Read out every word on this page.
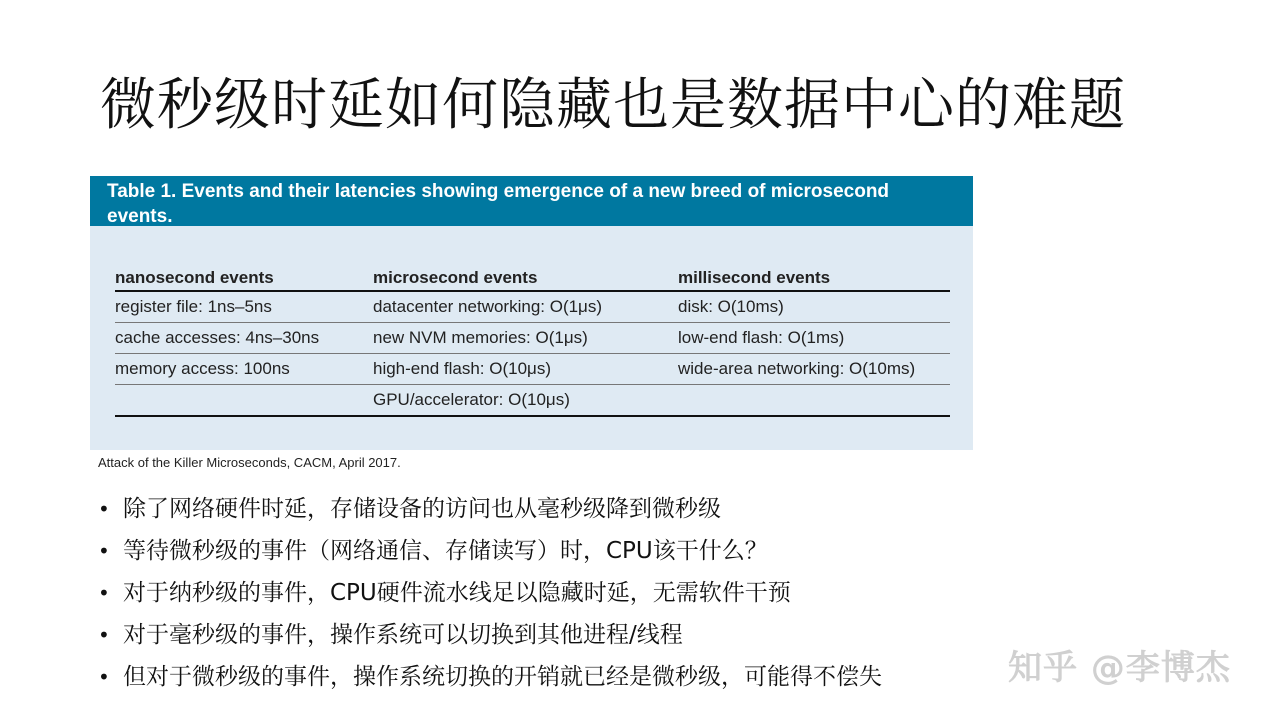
微秒级时延如何隐藏也是数据中心的难题
Table 1. Events and their latencies showing emergence of a new breed of microsecond events.
nanosecond events	microsecond events	millisecond events
register file: 1ns–5ns	datacenter networking: O(1μs)	disk: O(10ms)
cache accesses: 4ns–30ns	new NVM memories: O(1μs)	low-end flash: O(1ms)
memory access: 100ns	high-end flash: O(10μs)	wide-area networking: O(10ms)
	GPU/accelerator: O(10μs)	
Attack of the Killer Microseconds, CACM, April 2017.
• 除了网络硬件时延，存储设备的访问也从毫秒级降到微秒级
• 等待微秒级的事件（网络通信、存储读写）时，CPU该干什么？
• 对于纳秒级的事件，CPU硬件流水线足以隐藏时延，无需软件干预
• 对于毫秒级的事件，操作系统可以切换到其他进程/线程
• 但对于微秒级的事件，操作系统切换的开销就已经是微秒级，可能得不偿失	知乎 @李博杰
